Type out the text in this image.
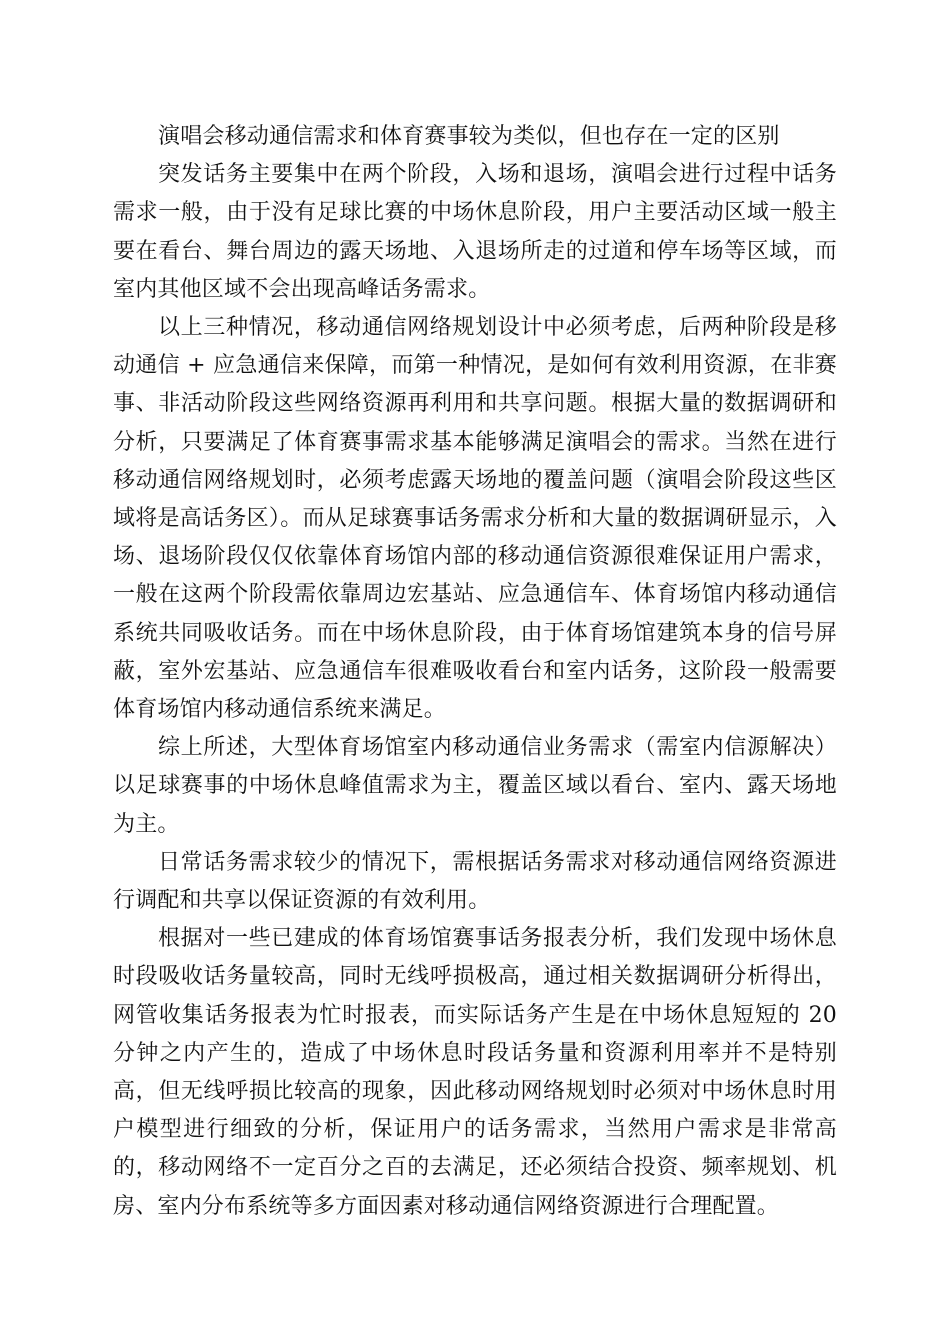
演唱会移动通信需求和体育赛事较为类似，但也存在一定的区别

突发话务主要集中在两个阶段，入场和退场，演唱会进行过程中话务需求一般，由于没有足球比赛的中场休息阶段，用户主要活动区域一般主要在看台、舞台周边的露天场地、入退场所走的过道和停车场等区域，而室内其他区域不会出现高峰话务需求。

以上三种情况，移动通信网络规划设计中必须考虑，后两种阶段是移动通信 + 应急通信来保障，而第一种情况，是如何有效利用资源，在非赛事、非活动阶段这些网络资源再利用和共享问题。根据大量的数据调研和分析，只要满足了体育赛事需求基本能够满足演唱会的需求。当然在进行移动通信网络规划时，必须考虑露天场地的覆盖问题（演唱会阶段这些区域将是高话务区）。而从足球赛事话务需求分析和大量的数据调研显示，入场、退场阶段仅仅依靠体育场馆内部的移动通信资源很难保证用户需求，一般在这两个阶段需依靠周边宏基站、应急通信车、体育场馆内移动通信系统共同吸收话务。而在中场休息阶段，由于体育场馆建筑本身的信号屏蔽，室外宏基站、应急通信车很难吸收看台和室内话务，这阶段一般需要体育场馆内移动通信系统来满足。

综上所述，大型体育场馆室内移动通信业务需求（需室内信源解决）以足球赛事的中场休息峰值需求为主，覆盖区域以看台、室内、露天场地为主。

日常话务需求较少的情况下，需根据话务需求对移动通信网络资源进行调配和共享以保证资源的有效利用。

根据对一些已建成的体育场馆赛事话务报表分析，我们发现中场休息时段吸收话务量较高，同时无线呼损极高，通过相关数据调研分析得出，网管收集话务报表为忙时报表，而实际话务产生是在中场休息短短的 20 分钟之内产生的，造成了中场休息时段话务量和资源利用率并不是特别高，但无线呼损比较高的现象，因此移动网络规划时必须对中场休息时用户模型进行细致的分析，保证用户的话务需求，当然用户需求是非常高的，移动网络不一定百分之百的去满足，还必须结合投资、频率规划、机房、室内分布系统等多方面因素对移动通信网络资源进行合理配置。
